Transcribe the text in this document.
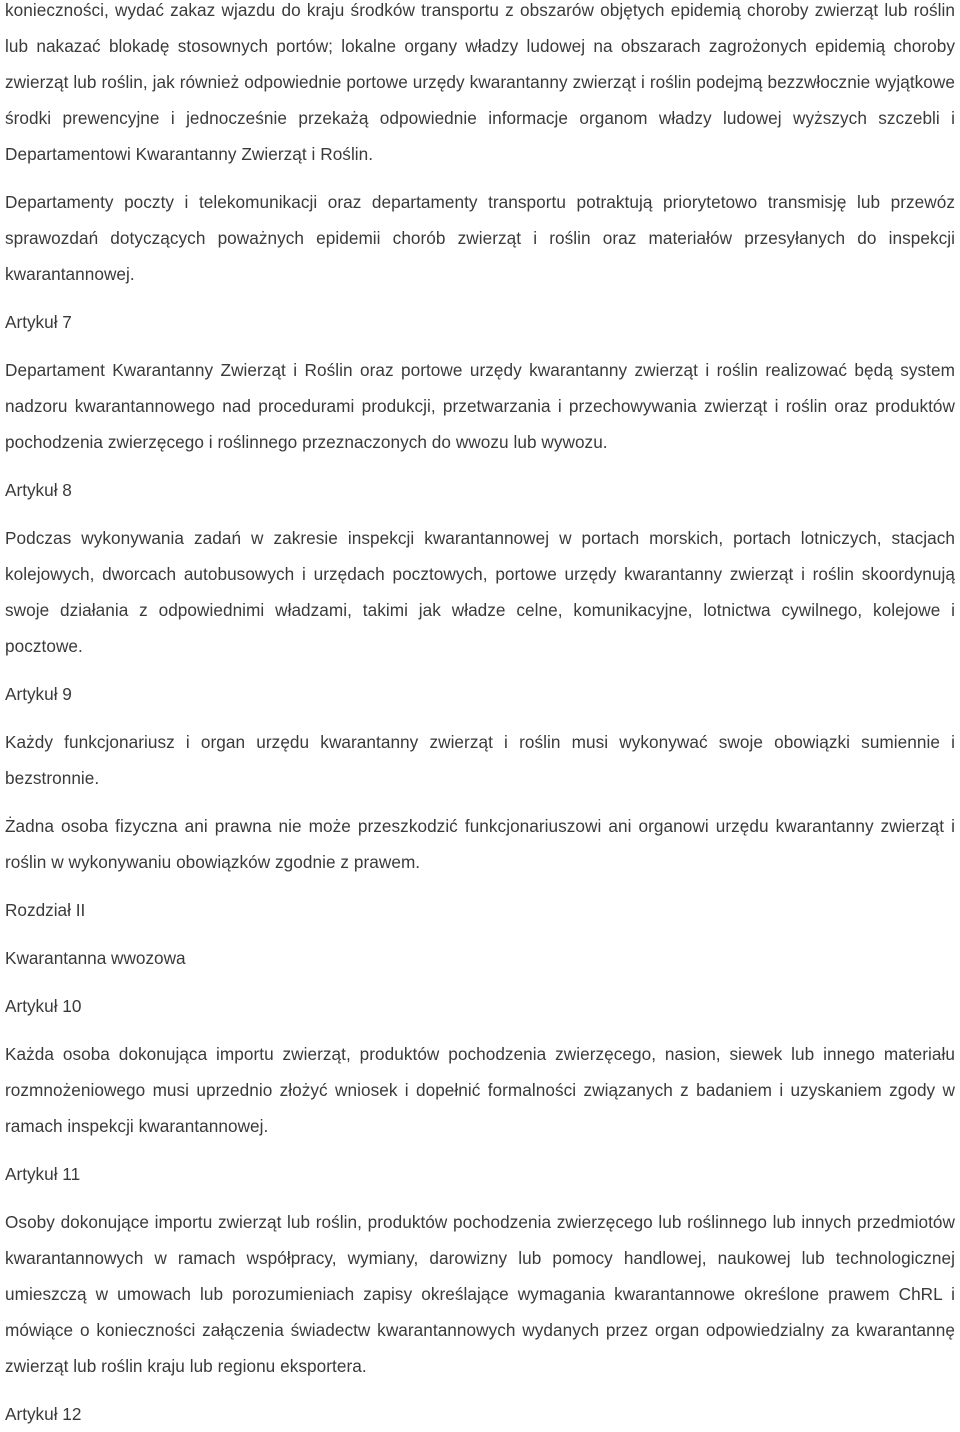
konieczności, wydać zakaz wjazdu do kraju środków transportu z obszarów objętych epidemią choroby zwierząt lub roślin lub nakazać blokadę stosownych portów; lokalne organy władzy ludowej na obszarach zagrożonych epidemią choroby zwierząt lub roślin, jak również odpowiednie portowe urzędy kwarantanny zwierząt i roślin podejmą bezzwłocznie wyjątkowe środki prewencyjne i jednocześnie przekażą odpowiednie informacje organom władzy ludowej wyższych szczebli i Departamentowi Kwarantanny Zwierząt i Roślin.

Departamenty poczty i telekomunikacji oraz departamenty transportu potraktują priorytetowo transmisję lub przewóz sprawozdań dotyczących poważnych epidemii chorób zwierząt i roślin oraz materiałów przesyłanych do inspekcji kwarantannowej.

Artykuł 7

Departament Kwarantanny Zwierząt i Roślin oraz portowe urzędy kwarantanny zwierząt i roślin realizować będą system nadzoru kwarantannowego nad procedurami produkcji, przetwarzania i przechowywania zwierząt i roślin oraz produktów pochodzenia zwierzęcego i roślinnego przeznaczonych do wwozu lub wywozu.

Artykuł 8

Podczas wykonywania zadań w zakresie inspekcji kwarantannowej w portach morskich, portach lotniczych, stacjach kolejowych, dworcach autobusowych i urzędach pocztowych, portowe urzędy kwarantanny zwierząt i roślin skoordynują swoje działania z odpowiednimi władzami, takimi jak władze celne, komunikacyjne, lotnictwa cywilnego, kolejowe i pocztowe.

Artykuł 9

Każdy funkcjonariusz i organ urzędu kwarantanny zwierząt i roślin musi wykonywać swoje obowiązki sumiennie i bezstronnie.

Żadna osoba fizyczna ani prawna nie może przeszkodzić funkcjonariuszowi ani organowi urzędu kwarantanny zwierząt i roślin w wykonywaniu obowiązków zgodnie z prawem.

Rozdział II

Kwarantanna wwozowa

Artykuł 10

Każda osoba dokonująca importu zwierząt, produktów pochodzenia zwierzęcego, nasion, siewek lub innego materiału rozmnożeniowego musi uprzednio złożyć wniosek i dopełnić formalności związanych z badaniem i uzyskaniem zgody w ramach inspekcji kwarantannowej.

Artykuł 11

Osoby dokonujące importu zwierząt lub roślin, produktów pochodzenia zwierzęcego lub roślinnego lub innych przedmiotów kwarantannowych w ramach współpracy, wymiany, darowizny lub pomocy handlowej, naukowej lub technologicznej umieszczą w umowach lub porozumieniach zapisy określające wymagania kwarantannowe określone prawem ChRL i mówiące o konieczności załączenia świadectw kwarantannowych wydanych przez organ odpowiedzialny za kwarantannę zwierząt lub roślin kraju lub regionu eksportera.

Artykuł 12
